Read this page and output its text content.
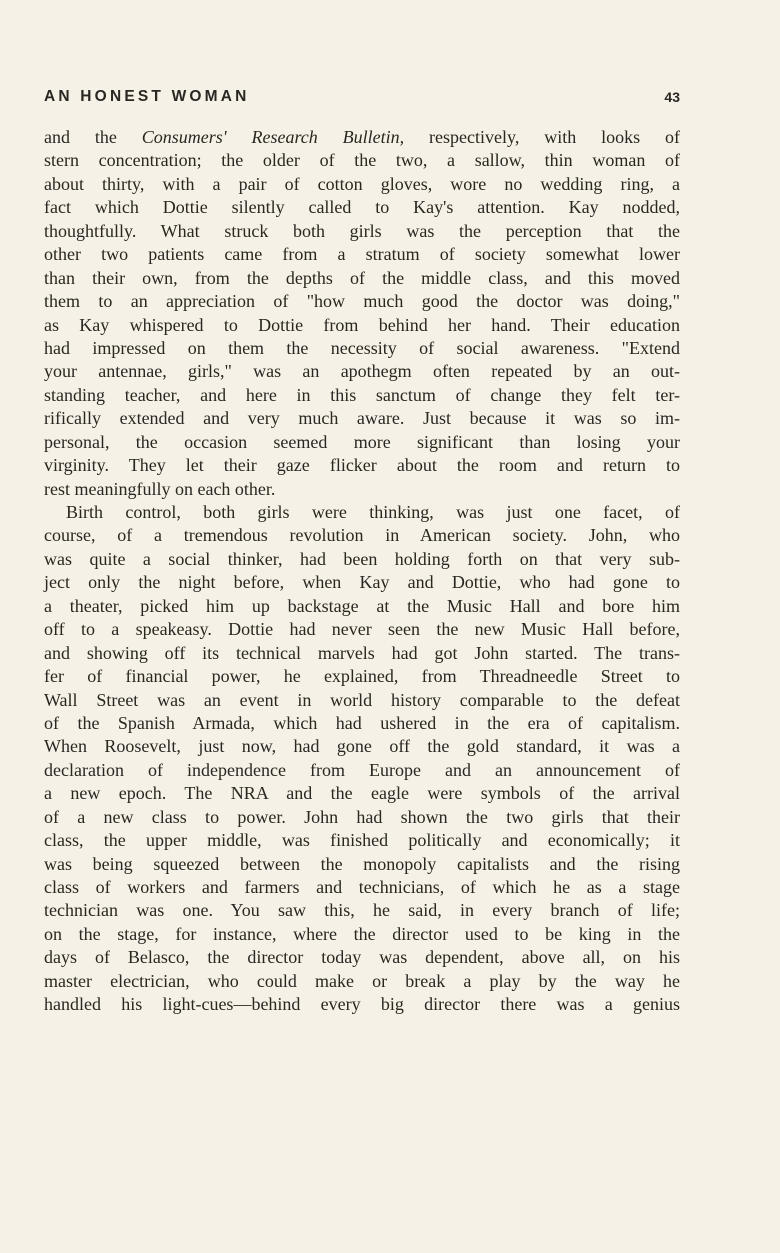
AN HONEST WOMAN	43
and the Consumers' Research Bulletin, respectively, with looks of
stern concentration; the older of the two, a sallow, thin woman of
about thirty, with a pair of cotton gloves, wore no wedding ring, a
fact which Dottie silently called to Kay's attention. Kay nodded,
thoughtfully. What struck both girls was the perception that the
other two patients came from a stratum of society somewhat lower
than their own, from the depths of the middle class, and this moved
them to an appreciation of "how much good the doctor was doing,"
as Kay whispered to Dottie from behind her hand. Their education
had impressed on them the necessity of social awareness. "Extend
your antennae, girls," was an apothegm often repeated by an out-
standing teacher, and here in this sanctum of change they felt ter-
rifically extended and very much aware. Just because it was so im-
personal, the occasion seemed more significant than losing your
virginity. They let their gaze flicker about the room and return to
rest meaningfully on each other.
Birth control, both girls were thinking, was just one facet, of
course, of a tremendous revolution in American society. John, who
was quite a social thinker, had been holding forth on that very sub-
ject only the night before, when Kay and Dottie, who had gone to
a theater, picked him up backstage at the Music Hall and bore him
off to a speakeasy. Dottie had never seen the new Music Hall before,
and showing off its technical marvels had got John started. The trans-
fer of financial power, he explained, from Threadneedle Street to
Wall Street was an event in world history comparable to the defeat
of the Spanish Armada, which had ushered in the era of capitalism.
When Roosevelt, just now, had gone off the gold standard, it was a
declaration of independence from Europe and an announcement of
a new epoch. The NRA and the eagle were symbols of the arrival
of a new class to power. John had shown the two girls that their
class, the upper middle, was finished politically and economically; it
was being squeezed between the monopoly capitalists and the rising
class of workers and farmers and technicians, of which he as a stage
technician was one. You saw this, he said, in every branch of life;
on the stage, for instance, where the director used to be king in the
days of Belasco, the director today was dependent, above all, on his
master electrician, who could make or break a play by the way he
handled his light-cues—behind every big director there was a genius
